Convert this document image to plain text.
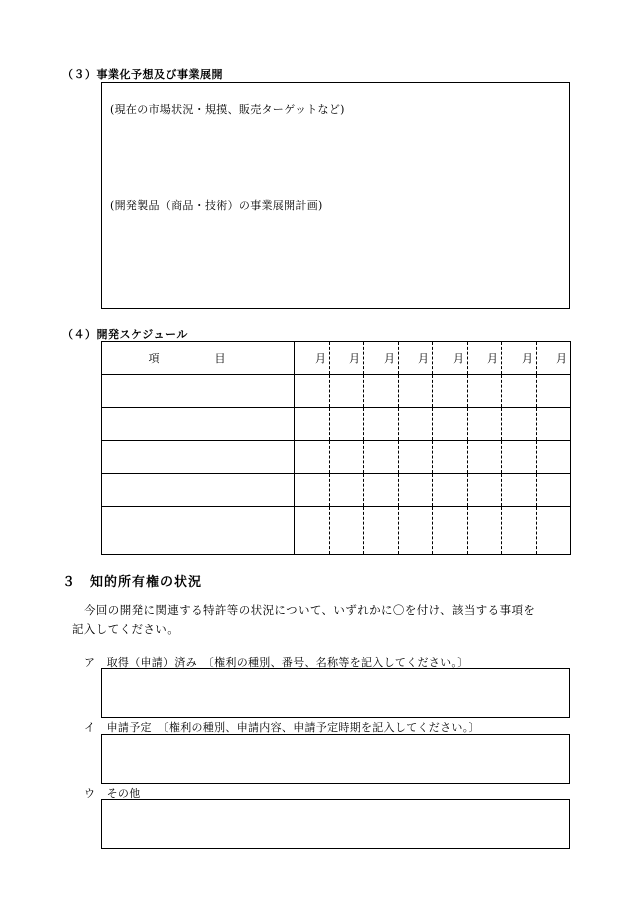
（３）事業化予想及び事業展開
(現在の市場状況・規摸、販売ターゲットなど)
(開発製品（商品・技術）の事業展開計画)
（４）開発スケジュール
項　目	月	月	月	月	月	月	月	月

３　知的所有権の状況
今回の開発に関連する特許等の状況について、いずれかに〇を付け、該当する事項を
記入してください。
ア　取得（申請）済み　〔権利の種別、番号、名称等を記入してください。〕
イ　申請予定　〔権利の種別、申請内容、申請予定時期を記入してください。〕
ウ　その他
